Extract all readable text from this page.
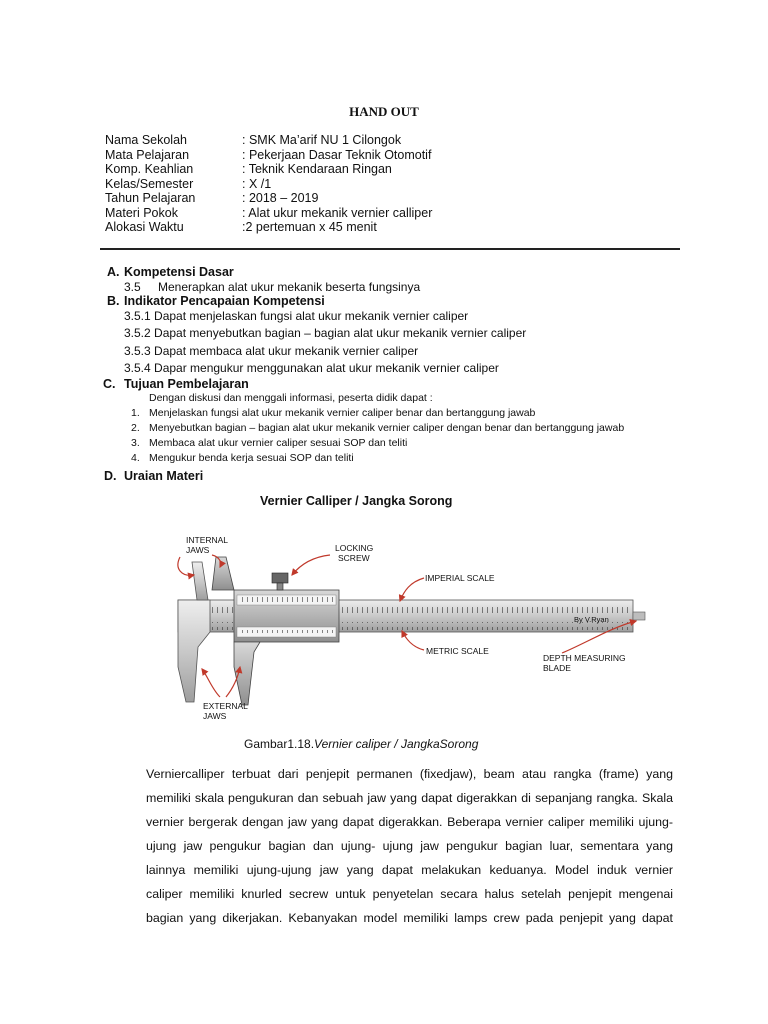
HAND OUT
Nama Sekolah	: SMK Ma’arif NU 1 Cilongok
Mata Pelajaran	: Pekerjaan Dasar Teknik Otomotif
Komp. Keahlian	: Teknik Kendaraan Ringan
Kelas/Semester	: X /1
Tahun Pelajaran	: 2018 – 2019
Materi Pokok	: Alat ukur mekanik vernier calliper
Alokasi Waktu	:2 pertemuan x 45 menit
A. Kompetensi Dasar
3.5 Menerapkan alat ukur mekanik beserta fungsinya
B. Indikator Pencapaian Kompetensi
3.5.1 Dapat menjelaskan fungsi alat ukur mekanik vernier caliper
3.5.2 Dapat menyebutkan bagian – bagian alat ukur mekanik vernier caliper
3.5.3 Dapat membaca alat ukur mekanik vernier caliper
3.5.4 Dapar mengukur menggunakan alat ukur mekanik vernier caliper
C. Tujuan Pembelajaran
Dengan diskusi dan menggali informasi, peserta didik dapat :
1. Menjelaskan fungsi alat ukur mekanik vernier caliper benar dan bertanggung jawab
2. Menyebutkan bagian – bagian alat ukur mekanik vernier caliper dengan benar dan bertanggung jawab
3. Membaca alat ukur vernier caliper sesuai SOP dan teliti
4. Mengukur benda kerja sesuai SOP dan teliti
D. Uraian Materi
Vernier Calliper / Jangka Sorong
INTERNAL
JAWS	LOCKING
SCREW
IMPERIAL SCALE
METRIC SCALE
DEPTH MEASURING
BLADE
EXTERNAL
JAWS
By V.Ryan
Gambar1.18.Vernier caliper / JangkaSorong
Verniercalliper terbuat dari penjepit permanen (fixedjaw), beam atau rangka (frame) yang
memiliki skala pengukuran dan sebuah jaw yang dapat digerakkan di sepanjang rangka. Skala
vernier bergerak dengan jaw yang dapat digerakkan. Beberapa vernier caliper memiliki ujung-
ujung jaw pengukur bagian dan ujung- ujung jaw pengukur bagian luar, sementara yang
lainnya memiliki ujung-ujung jaw yang dapat melakukan keduanya. Model induk vernier
caliper memiliki knurled secrew untuk penyetelan secara halus setelah penjepit mengenai
bagian yang dikerjakan. Kebanyakan model memiliki lamps crew pada penjepit yang dapat
